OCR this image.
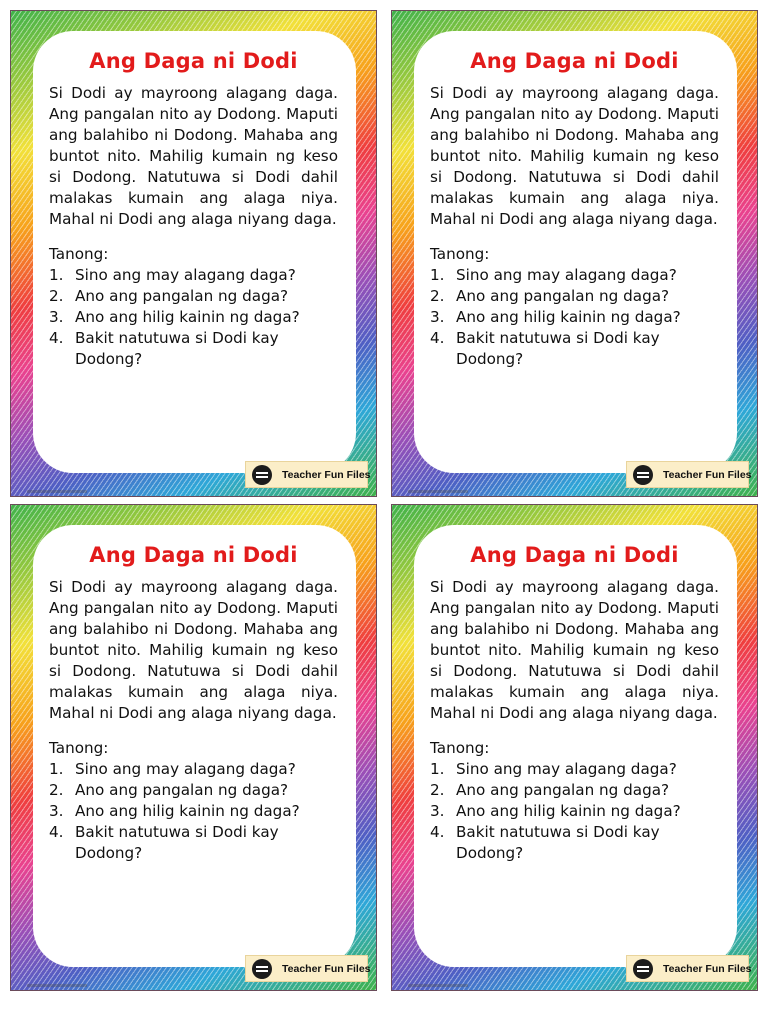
Ang Daga ni Dodi

Si Dodi ay mayroong alagang daga. Ang pangalan nito ay Dodong. Maputi ang balahibo ni Dodong. Mahaba ang buntot nito. Mahilig kumain ng keso si Dodong. Natutuwa si Dodi dahil malakas kumain ang alaga niya. Mahal ni Dodi ang alaga niyang daga.

Tanong:

1. Sino ang may alagang daga?
2. Ano ang pangalan ng daga?
3. Ano ang hilig kainin ng daga?
4. Bakit natutuwa si Dodi kay Dodong?
Teacher Fun Files
Ang Daga ni Dodi

Si Dodi ay mayroong alagang daga. Ang pangalan nito ay Dodong. Maputi ang balahibo ni Dodong. Mahaba ang buntot nito. Mahilig kumain ng keso si Dodong. Natutuwa si Dodi dahil malakas kumain ang alaga niya. Mahal ni Dodi ang alaga niyang daga.

Tanong:

1. Sino ang may alagang daga?
2. Ano ang pangalan ng daga?
3. Ano ang hilig kainin ng daga?
4. Bakit natutuwa si Dodi kay Dodong?
Teacher Fun Files
Ang Daga ni Dodi

Si Dodi ay mayroong alagang daga. Ang pangalan nito ay Dodong. Maputi ang balahibo ni Dodong. Mahaba ang buntot nito. Mahilig kumain ng keso si Dodong. Natutuwa si Dodi dahil malakas kumain ang alaga niya. Mahal ni Dodi ang alaga niyang daga.

Tanong:

1. Sino ang may alagang daga?
2. Ano ang pangalan ng daga?
3. Ano ang hilig kainin ng daga?
4. Bakit natutuwa si Dodi kay Dodong?
Teacher Fun Files
Ang Daga ni Dodi

Si Dodi ay mayroong alagang daga. Ang pangalan nito ay Dodong. Maputi ang balahibo ni Dodong. Mahaba ang buntot nito. Mahilig kumain ng keso si Dodong. Natutuwa si Dodi dahil malakas kumain ang alaga niya. Mahal ni Dodi ang alaga niyang daga.

Tanong:

1. Sino ang may alagang daga?
2. Ano ang pangalan ng daga?
3. Ano ang hilig kainin ng daga?
4. Bakit natutuwa si Dodi kay Dodong?
Teacher Fun Files
